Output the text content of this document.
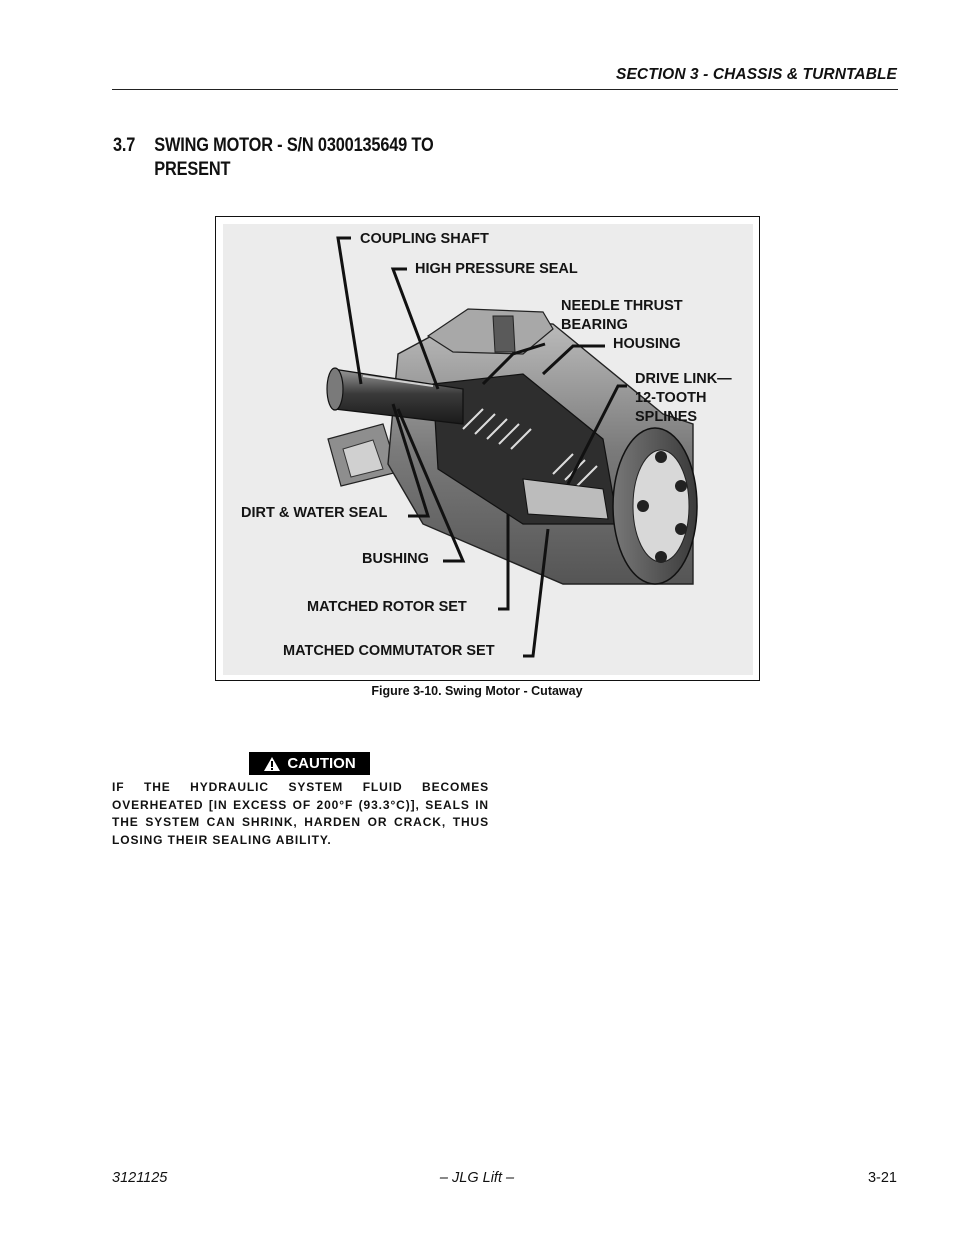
SECTION 3 - CHASSIS & TURNTABLE
3.7 SWING MOTOR - S/N 0300135649 TO
PRESENT
COUPLING SHAFT
HIGH PRESSURE SEAL
NEEDLE THRUST
BEARING
HOUSING
DRIVE LINK—
12-TOOTH
SPLINES
DIRT & WATER SEAL
BUSHING
MATCHED ROTOR SET
MATCHED COMMUTATOR SET
Figure 3-10. Swing Motor - Cutaway
CAUTION
IF THE HYDRAULIC SYSTEM FLUID BECOMES OVERHEATED [IN EXCESS OF 200°F (93.3°C)], SEALS IN THE SYSTEM CAN SHRINK, HARDEN OR CRACK, THUS LOSING THEIR SEALING ABILITY.
3121125	– JLG Lift –	3-21
